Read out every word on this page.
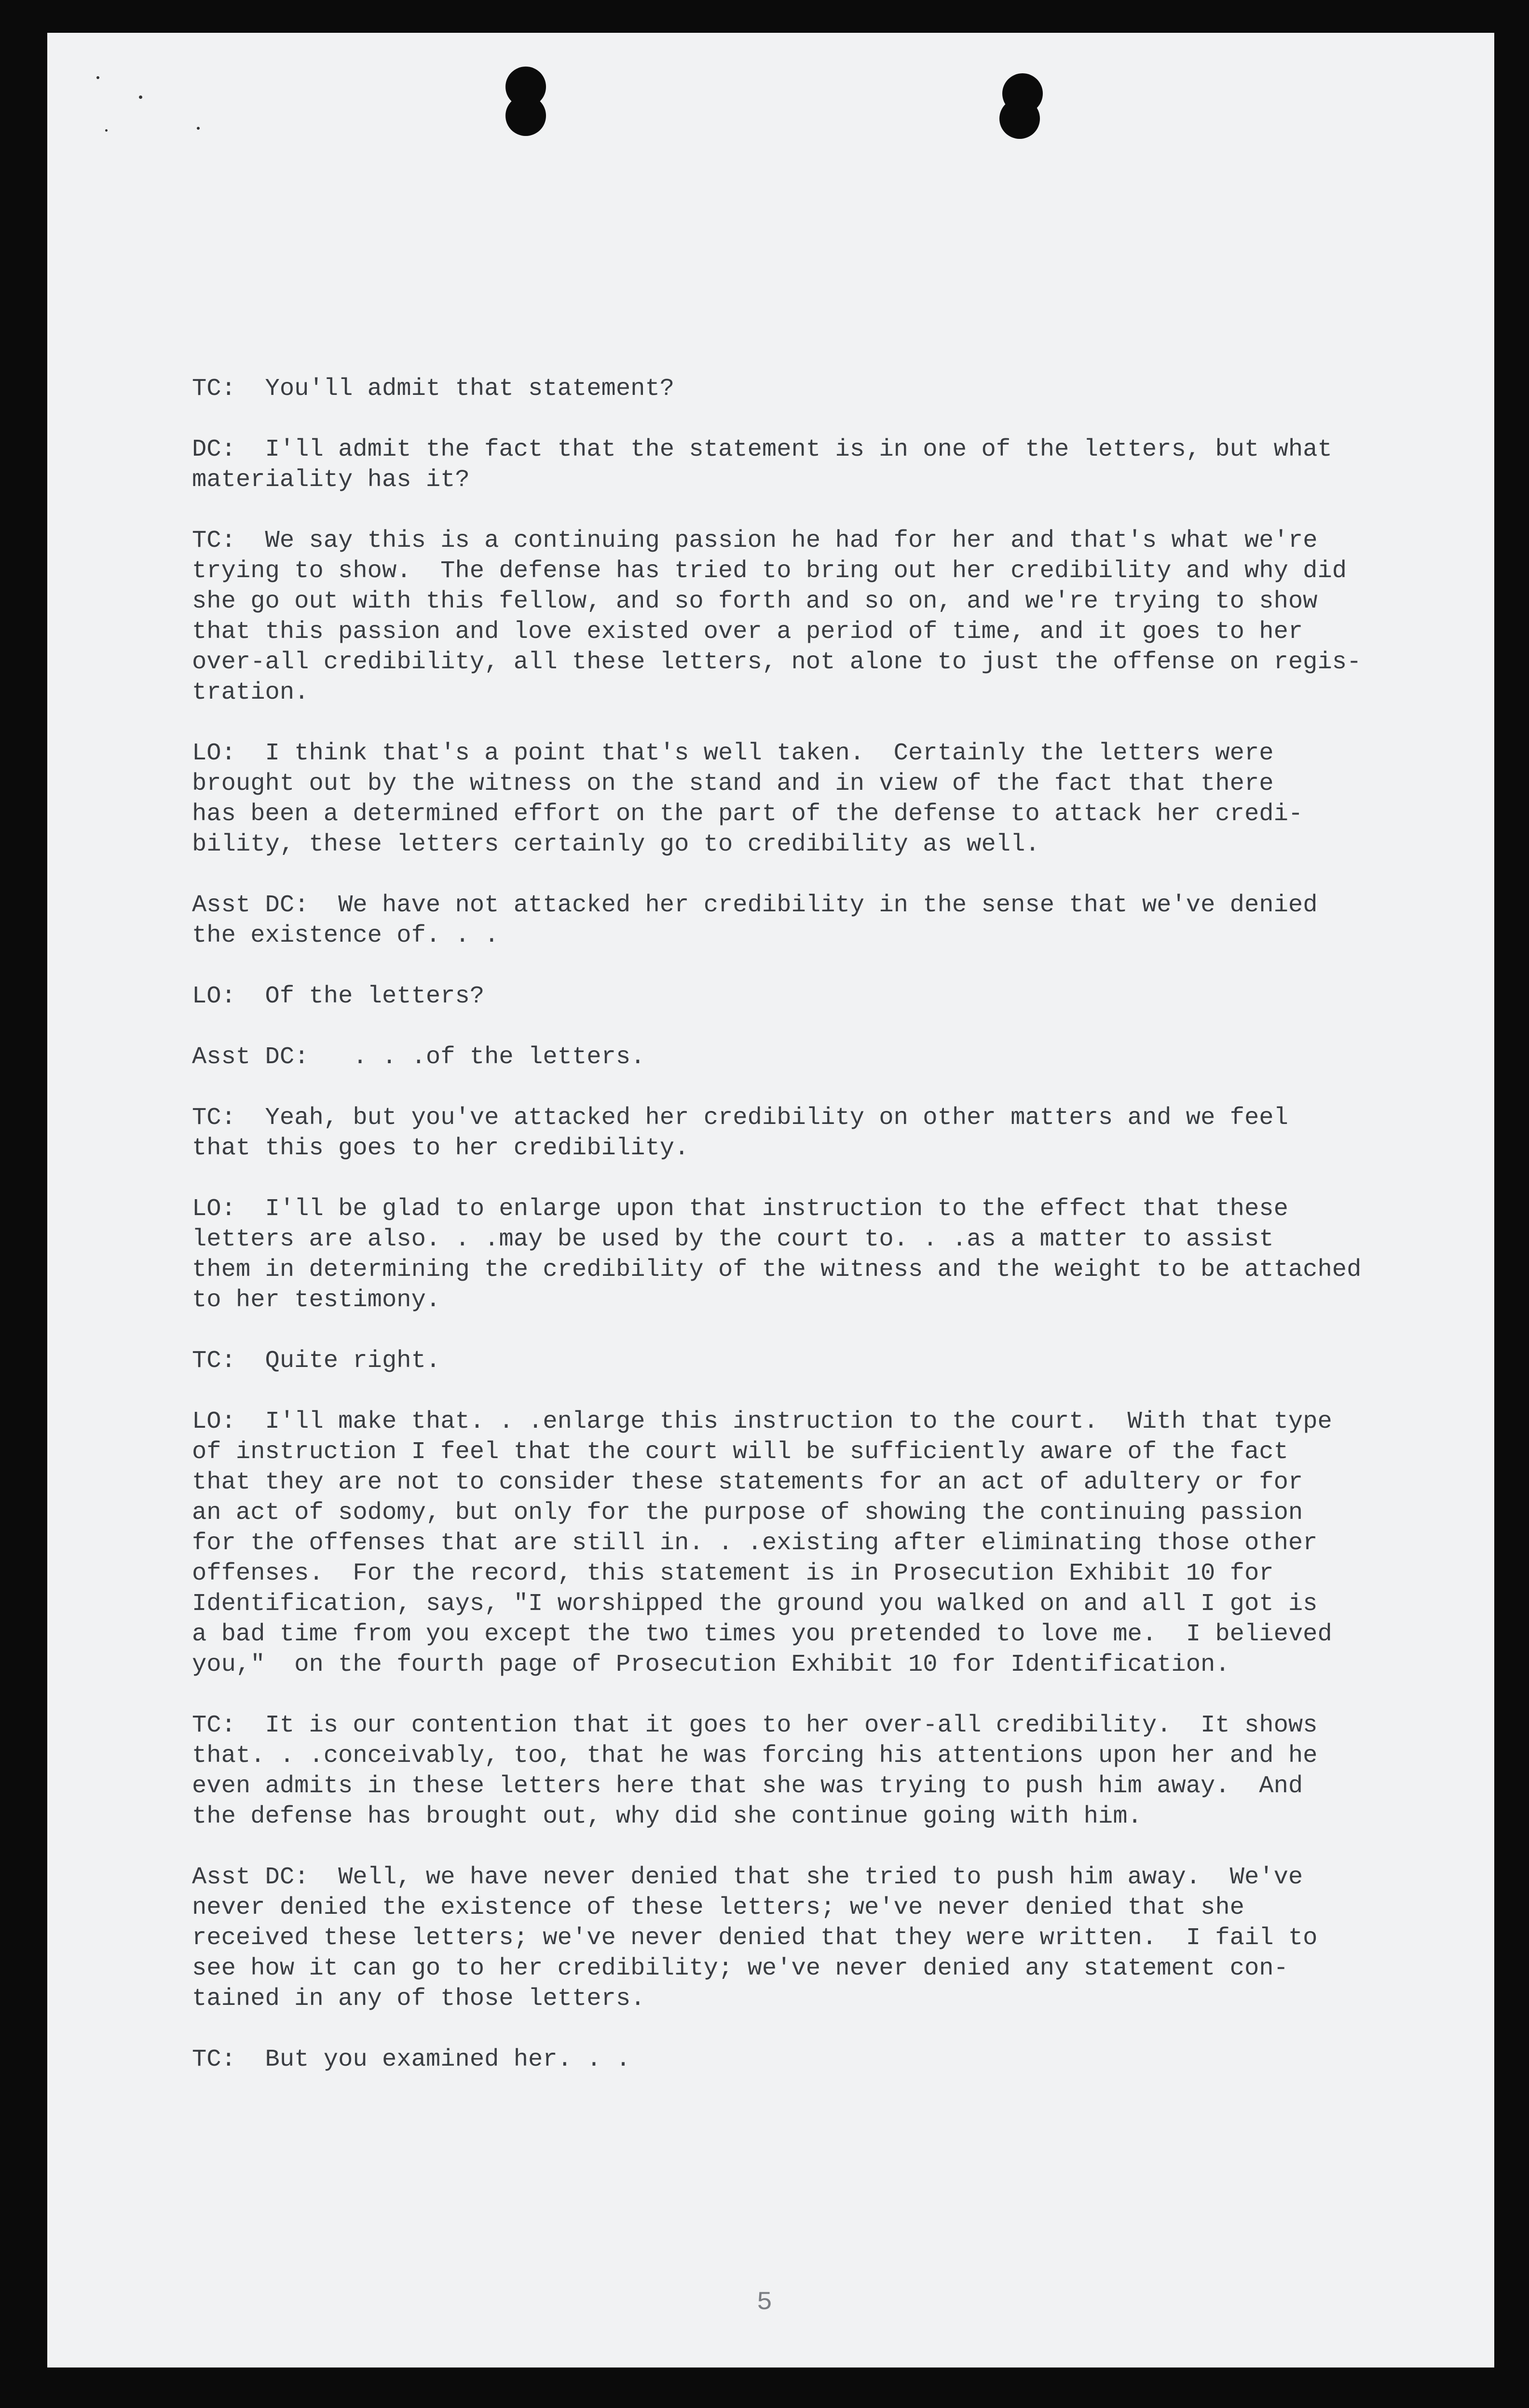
TC: You'll admit that statement?
DC: I'll admit the fact that the statement is in one of the letters, but what
materiality has it?
TC: We say this is a continuing passion he had for her and that's what we're
trying to show.  The defense has tried to bring out her credibility and why did
she go out with this fellow, and so forth and so on, and we're trying to show
that this passion and love existed over a period of time, and it goes to her
over-all credibility, all these letters, not alone to just the offense on regis-
tration.
LO: I think that's a point that's well taken.  Certainly the letters were
brought out by the witness on the stand and in view of the fact that there
has been a determined effort on the part of the defense to attack her credi-
bility, these letters certainly go to credibility as well.
Asst DC: We have not attacked her credibility in the sense that we've denied
the existence of. . .
LO: Of the letters?
Asst DC:   . . .of the letters.
TC: Yeah, but you've attacked her credibility on other matters and we feel
that this goes to her credibility.
LO: I'll be glad to enlarge upon that instruction to the effect that these
letters are also. . .may be used by the court to. . .as a matter to assist
them in determining the credibility of the witness and the weight to be attached
to her testimony.
TC: Quite right.
LO: I'll make that. . .enlarge this instruction to the court.  With that type
of instruction I feel that the court will be sufficiently aware of the fact
that they are not to consider these statements for an act of adultery or for
an act of sodomy, but only for the purpose of showing the continuing passion
for the offenses that are still in. . .existing after eliminating those other
offenses.  For the record, this statement is in Prosecution Exhibit 10 for
Identification, says, "I worshipped the ground you walked on and all I got is
a bad time from you except the two times you pretended to love me.  I believed
you,"  on the fourth page of Prosecution Exhibit 10 for Identification.
TC: It is our contention that it goes to her over-all credibility.  It shows
that. . .conceivably, too, that he was forcing his attentions upon her and he
even admits in these letters here that she was trying to push him away.  And
the defense has brought out, why did she continue going with him.
Asst DC: Well, we have never denied that she tried to push him away.  We've
never denied the existence of these letters; we've never denied that she
received these letters; we've never denied that they were written.  I fail to
see how it can go to her credibility; we've never denied any statement con-
tained in any of those letters.
TC: But you examined her. . .
5
